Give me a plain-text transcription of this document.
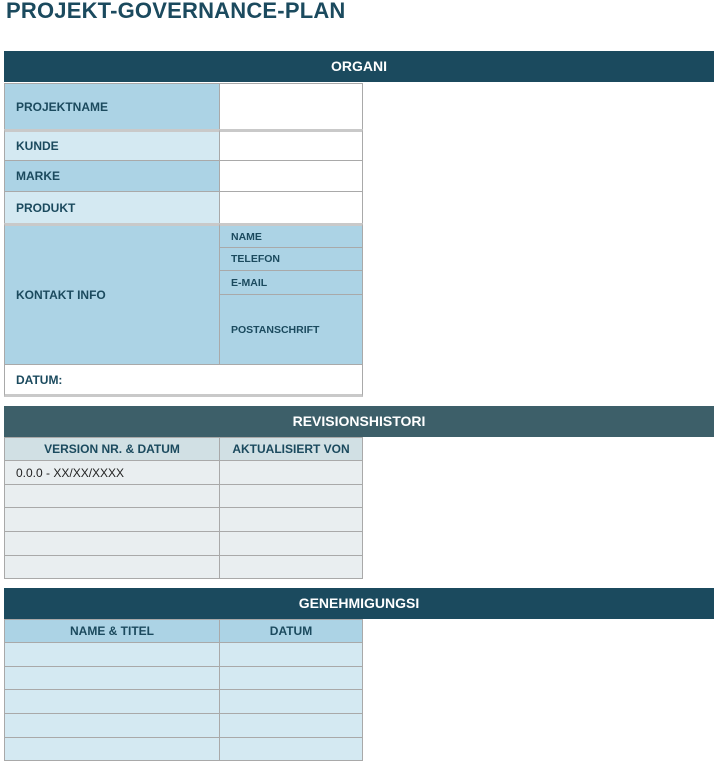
PROJEKT-GOVERNANCE-PLAN
ORGANI
PROJEKTNAME
KUNDE
MARKE
PRODUKT
KONTAKT INFO
NAME
TELEFON
E-MAIL
POSTANSCHRIFT
DATUM:
REVISIONSHISTORI
VERSION NR. & DATUM	AKTUALISIERT VON
0.0.0 - XX/XX/XXXX
GENEHMIGUNGSI
NAME & TITEL	DATUM
